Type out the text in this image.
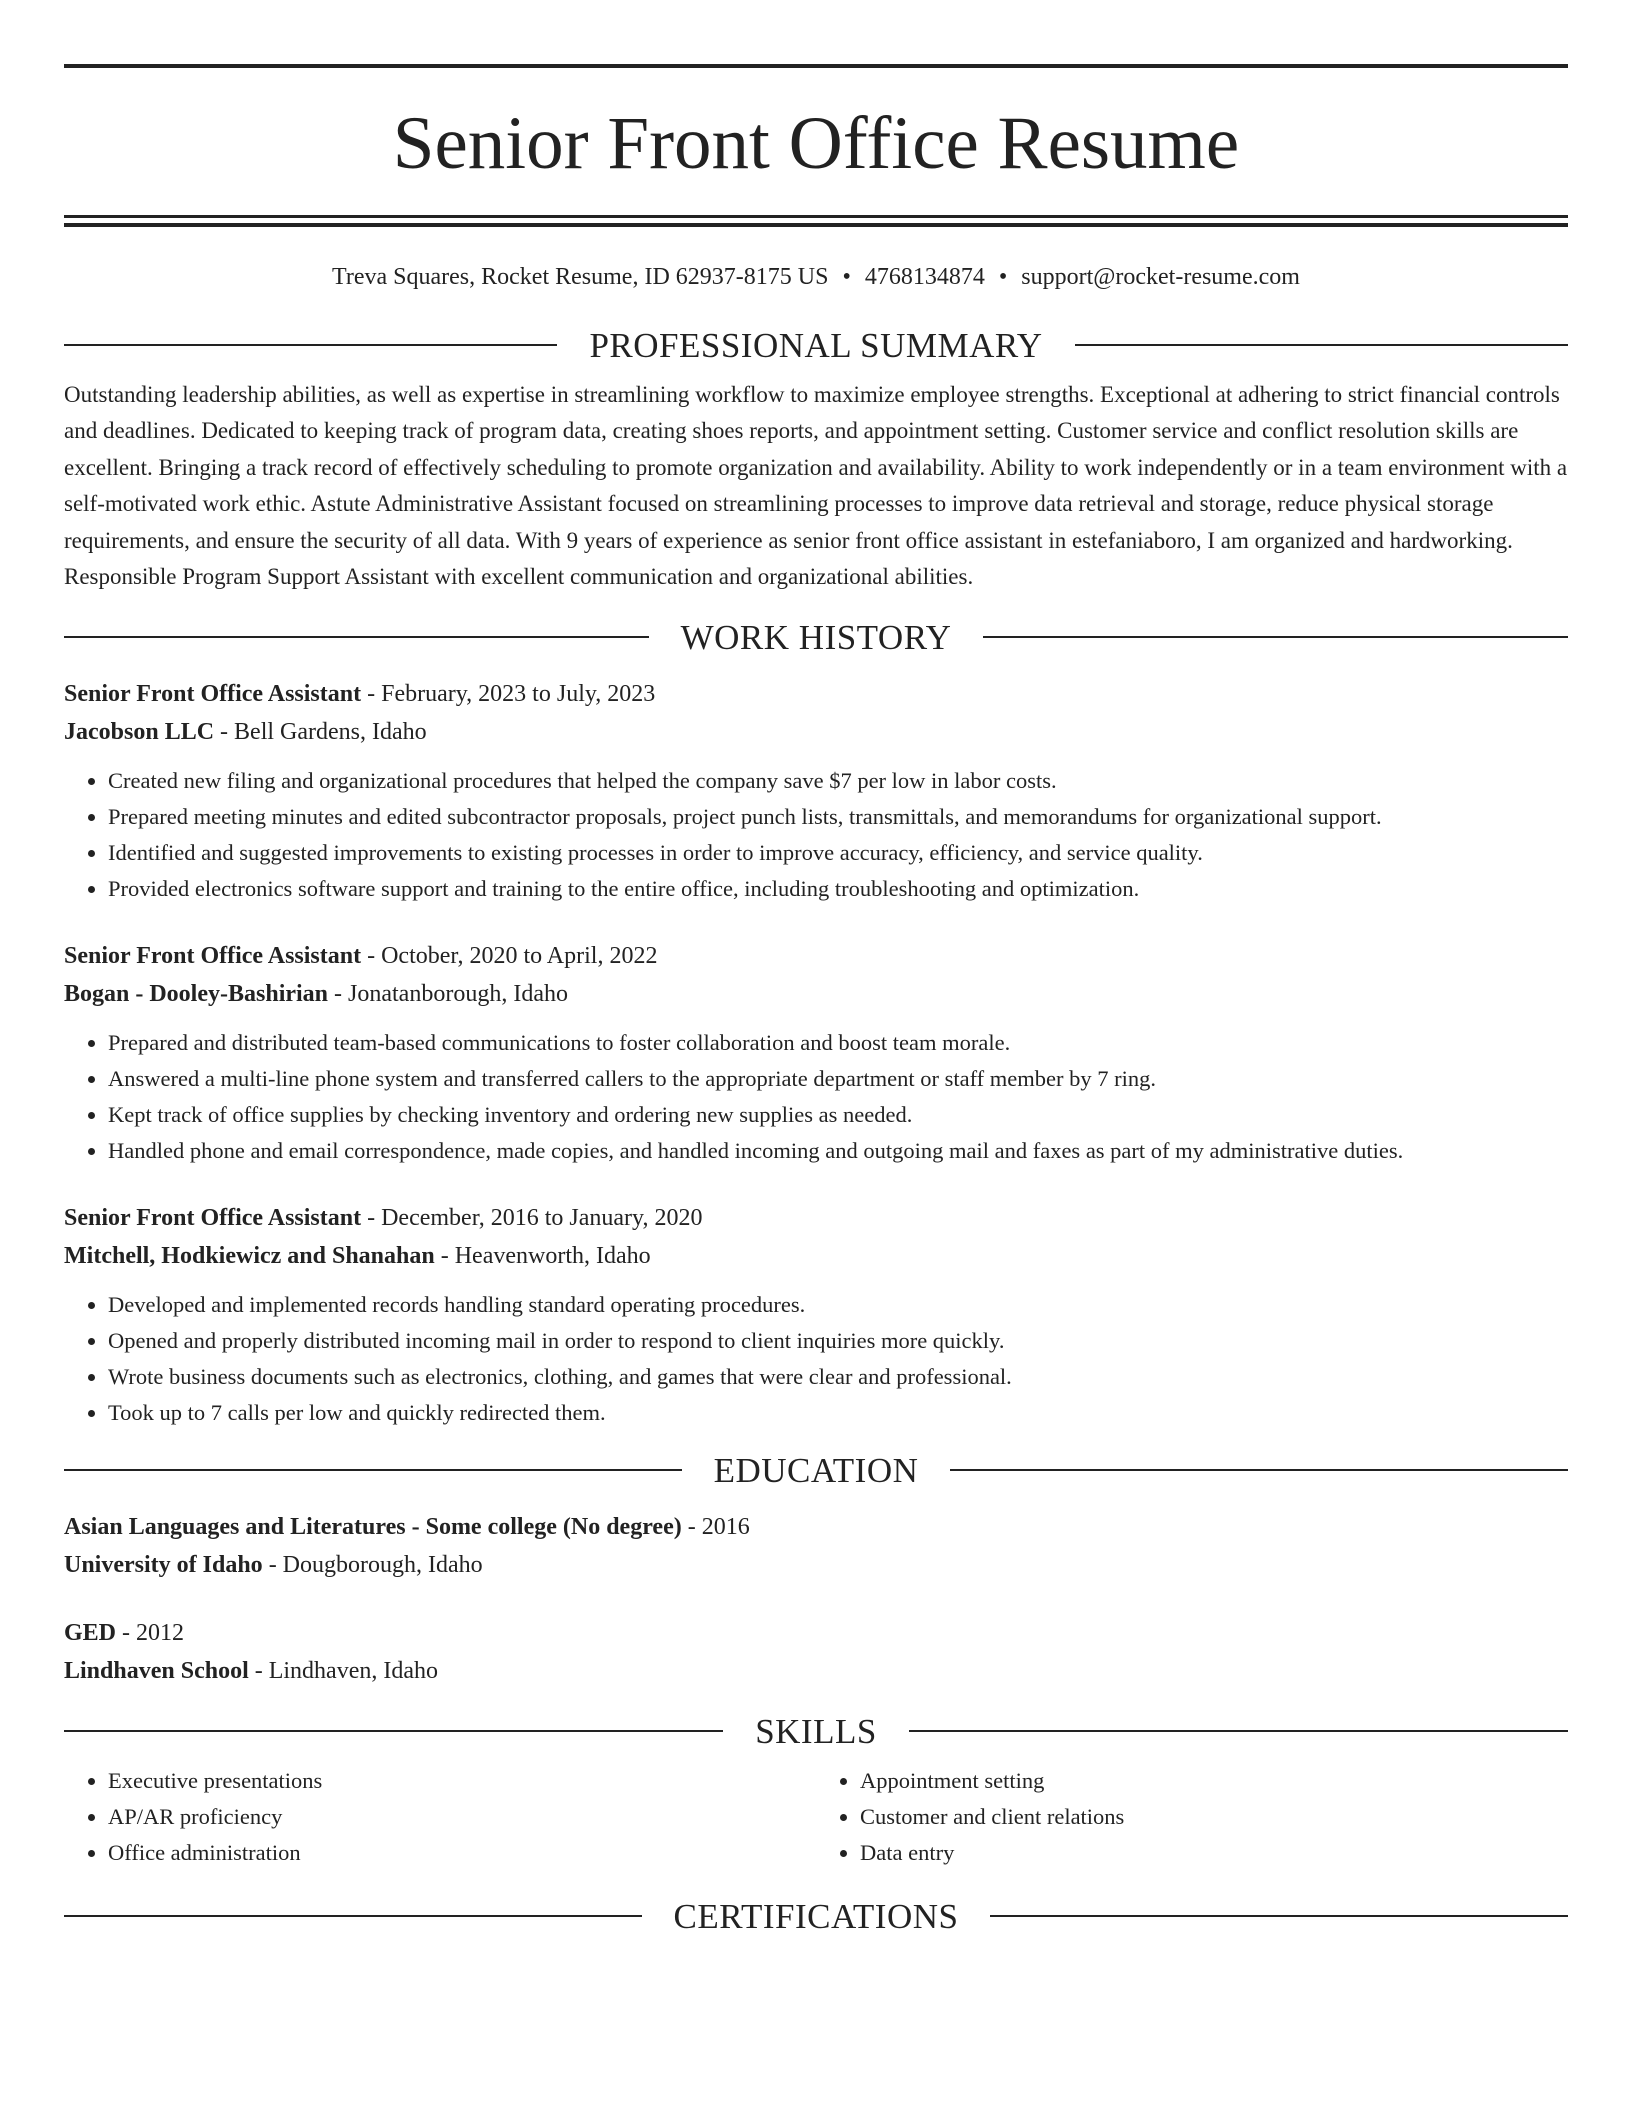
Senior Front Office Resume
Treva Squares, Rocket Resume, ID 62937-8175 US • 4768134874 • support@rocket-resume.com
PROFESSIONAL SUMMARY

Outstanding leadership abilities, as well as expertise in streamlining workflow to maximize employee strengths. Exceptional at adhering to strict financial controls and deadlines. Dedicated to keeping track of program data, creating shoes reports, and appointment setting. Customer service and conflict resolution skills are excellent. Bringing a track record of effectively scheduling to promote organization and availability. Ability to work independently or in a team environment with a self-motivated work ethic. Astute Administrative Assistant focused on streamlining processes to improve data retrieval and storage, reduce physical storage requirements, and ensure the security of all data. With 9 years of experience as senior front office assistant in estefaniaboro, I am organized and hardworking. Responsible Program Support Assistant with excellent communication and organizational abilities.

WORK HISTORY
Senior Front Office Assistant - February, 2023 to July, 2023
Jacobson LLC - Bell Gardens, Idaho
• Created new filing and organizational procedures that helped the company save $7 per low in labor costs.
• Prepared meeting minutes and edited subcontractor proposals, project punch lists, transmittals, and memorandums for organizational support.
• Identified and suggested improvements to existing processes in order to improve accuracy, efficiency, and service quality.
• Provided electronics software support and training to the entire office, including troubleshooting and optimization.
Senior Front Office Assistant - October, 2020 to April, 2022
Bogan - Dooley-Bashirian - Jonatanborough, Idaho
• Prepared and distributed team-based communications to foster collaboration and boost team morale.
• Answered a multi-line phone system and transferred callers to the appropriate department or staff member by 7 ring.
• Kept track of office supplies by checking inventory and ordering new supplies as needed.
• Handled phone and email correspondence, made copies, and handled incoming and outgoing mail and faxes as part of my administrative duties.
Senior Front Office Assistant - December, 2016 to January, 2020
Mitchell, Hodkiewicz and Shanahan - Heavenworth, Idaho
• Developed and implemented records handling standard operating procedures.
• Opened and properly distributed incoming mail in order to respond to client inquiries more quickly.
• Wrote business documents such as electronics, clothing, and games that were clear and professional.
• Took up to 7 calls per low and quickly redirected them.
EDUCATION
Asian Languages and Literatures - Some college (No degree) - 2016
University of Idaho - Dougborough, Idaho
GED - 2012
Lindhaven School - Lindhaven, Idaho
SKILLS
• Executive presentations
• AP/AR proficiency
• Office administration
• Appointment setting
• Customer and client relations
• Data entry
CERTIFICATIONS
